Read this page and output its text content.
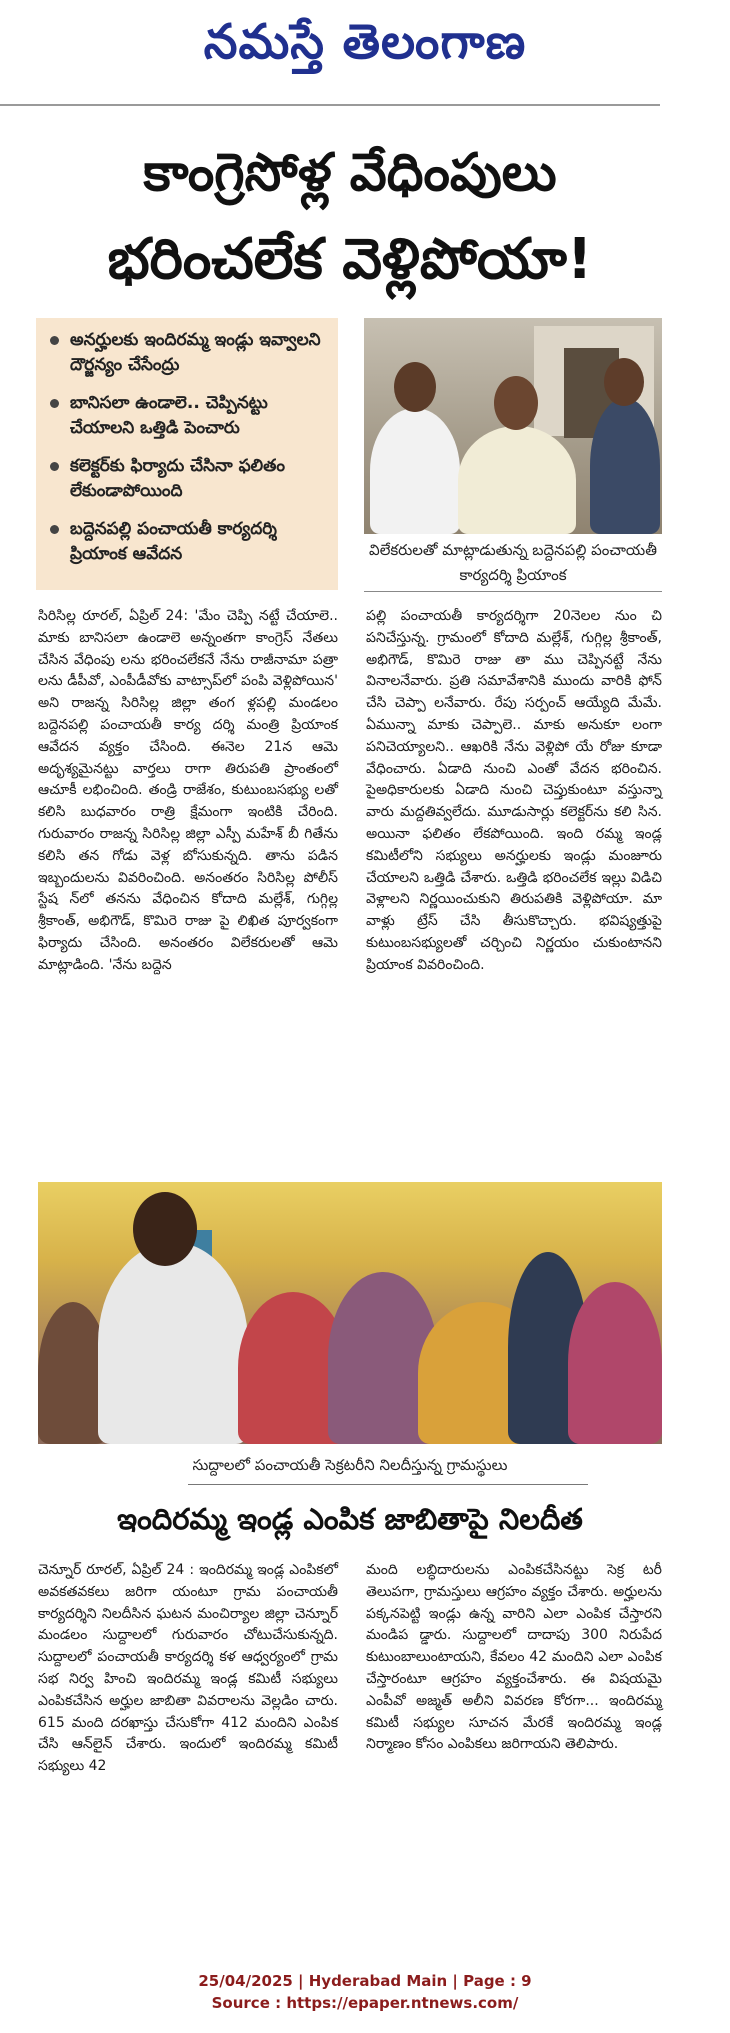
నమస్తే తెలంగాణ
కాంగ్రెసోళ్ల వేధింపులు
భరించలేక వెళ్లిపోయా!
అనర్హులకు ఇందిరమ్మ ఇండ్లు ఇవ్వాలని దౌర్జన్యం చేసేంద్రు
బానిసలా ఉండాలె.. చెప్పినట్టు చేయాలని ఒత్తిడి పెంచారు
కలెక్టర్‌కు ఫిర్యాదు చేసినా ఫలితం లేకుండాపోయింది
బద్దెనపల్లి పంచాయతీ కార్యదర్శి ప్రియాంక ఆవేదన	విలేకరులతో మాట్లాడుతున్న బద్దెనపల్లి పంచాయతీ కార్యదర్శి ప్రియాంక
సిరిసిల్ల రూరల్, ఏప్రిల్ 24: 'మేం చెప్పి నట్టే చేయాలె.. మాకు బానిసలా ఉండాలె అన్నంతగా కాంగ్రెస్ నేతలు చేసిన వేధింపు లను భరించలేకనే నేను రాజీనామా పత్రా లను డీపీవో, ఎంపీడీవోకు వాట్సాప్‌లో పంపి వెళ్లిపోయిన' అని రాజన్న సిరిసిల్ల జిల్లా తంగ ళ్లపల్లి మండలం బద్దెనపల్లి పంచాయతీ కార్య దర్శి మంత్రి ప్రియాంక ఆవేదన వ్యక్తం చేసింది. ఈనెల 21న ఆమె అదృశ్యమైనట్టు వార్తలు రాగా తిరుపతి ప్రాంతంలో ఆచూకీ లభించింది. తండ్రి రాజేశం, కుటుంబసభ్యు లతో కలిసి బుధవారం రాత్రి క్షేమంగా ఇంటికి చేరింది. గురువారం రాజన్న సిరిసిల్ల జిల్లా ఎస్పీ మహేశ్ బీ గితేను కలిసి తన గోడు వెళ్ల బోసుకున్నది. తాను పడిన ఇబ్బందులను వివరించింది. అనంతరం సిరిసిల్ల పోలీస్ స్టేష న్‌లో తనను వేధించిన కోదాది మల్లేశ్, గుగ్గిల్ల శ్రీకాంత్, అభిగౌడ్, కొమిరె రాజు పై లిఖిత పూర్వకంగా ఫిర్యాదు చేసింది. అనంతరం విలేకరులతో ఆమె మాట్లాడింది. 'నేను బద్దెన
పల్లి పంచాయతీ కార్యదర్శిగా 20నెలల నుం చి పనిచేస్తున్న. గ్రామంలో కోదాది మల్లేశ్, గుగ్గిల్ల శ్రీకాంత్, అభిగౌడ్, కొమిరె రాజు తా ము చెప్పినట్టే నేను వినాలనేవారు. ప్రతి సమావేశానికి ముందు వారికి ఫోన్ చేసి చెప్పా లనేవారు. రేపు సర్పంచ్ ఆయ్యేది మేమే. ఏమున్నా మాకు చెప్పాలె.. మాకు అనుకూ లంగా పనిచెయ్యాలని.. ఆఖరికి నేను వెళ్లిపో యే రోజు కూడా వేధించారు. ఏడాది నుంచి ఎంతో వేదన భరించిన. పైఅధికారులకు ఏడాది నుంచి చెప్తుకుంటూ వస్తున్నా వారు మద్దతివ్వలేదు. మూడుసార్లు కలెక్టర్‌ను కలి సిన. అయినా ఫలితం లేకపోయింది. ఇంది రమ్మ ఇండ్ల కమిటీలోని సభ్యులు అనర్హులకు ఇండ్లు మంజూరు చేయాలని ఒత్తిడి చేశారు. ఒత్తిడి భరించలేక ఇల్లు విడిచి వెళ్లాలని నిర్ణయించుకుని తిరుపతికి వెళ్లిపోయా. మా వాళ్లు ట్రేస్ చేసి తీసుకొచ్చారు. భవిష్యత్తుపై కుటుంబసభ్యులతో చర్చించి నిర్ణయం చుకుంటానని ప్రియాంక వివరించింది.
సుద్దాలలో పంచాయతీ సెక్రటరీని నిలదీస్తున్న గ్రామస్థులు
ఇందిరమ్మ ఇండ్ల ఎంపిక జాబితాపై నిలదీత
చెన్నూర్ రూరల్, ఏప్రిల్ 24 : ఇందిరమ్మ ఇండ్ల ఎంపికలో అవకతవకలు జరిగా యంటూ గ్రామ పంచాయతీ కార్యదర్శిని నిలదీసిన ఘటన మంచిర్యాల జిల్లా చెన్నూర్ మండలం సుద్దాలలో గురువారం చోటుచేసుకున్నది. సుద్దాలలో పంచాయతీ కార్యదర్శి కళ ఆధ్వర్యంలో గ్రామ సభ నిర్వ హించి ఇందిరమ్మ ఇండ్ల కమిటీ సభ్యులు ఎంపికచేసిన అర్హుల జాబితా వివరాలను వెల్లడిం చారు. 615 మంది దరఖాస్తు చేసుకోగా 412 మందిని ఎంపిక చేసి ఆన్‌లైన్ చేశారు. ఇందులో ఇందిరమ్మ కమిటీ సభ్యులు 42
మంది లబ్ధిదారులను ఎంపికచేసినట్టు సెక్ర టరీ తెలుపగా, గ్రామస్తులు ఆగ్రహం వ్యక్తం చేశారు. అర్హులను పక్కనపెట్టి ఇండ్లు ఉన్న వారిని ఎలా ఎంపిక చేస్తారని మండిప డ్డారు. సుద్దాలలో దాదాపు 300 నిరుపేద కుటుంబాలుంటాయని, కేవలం 42 మందిని ఎలా ఎంపిక చేస్తారంటూ ఆగ్రహం వ్యక్తంచేశారు. ఈ విషయమై ఎంపీవో అజ్మత్ అలీని వివరణ కోరగా... ఇందిరమ్మ కమిటీ సభ్యుల సూచన మేరకే ఇందిరమ్మ ఇండ్ల నిర్మాణం కోసం ఎంపికలు జరిగాయని తెలిపారు.
25/04/2025 | Hyderabad Main | Page : 9
Source : https://epaper.ntnews.com/
